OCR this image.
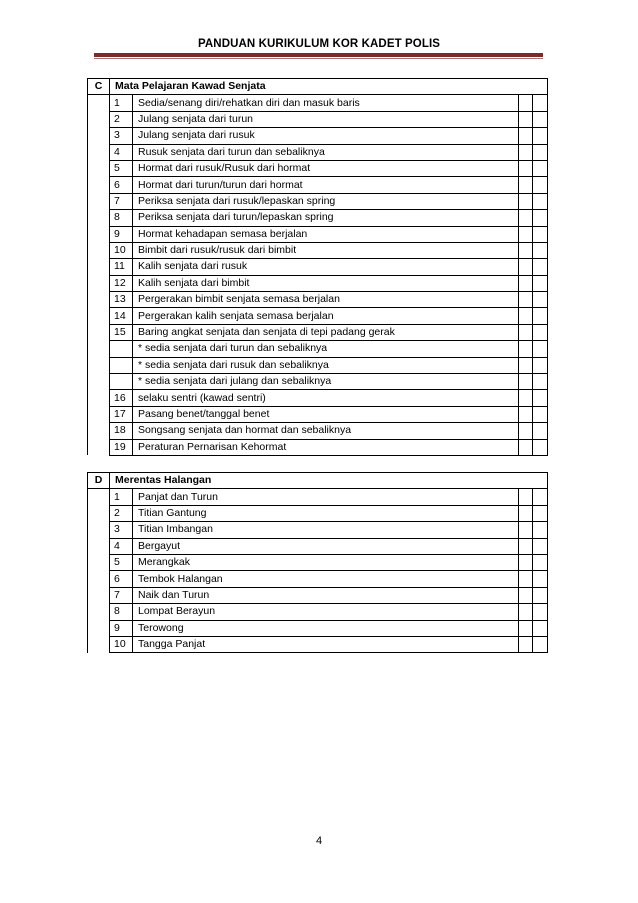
PANDUAN KURIKULUM KOR KADET POLIS
C	Mata Pelajaran Kawad Senjata			
	1	Sedia/senang diri/rehatkan diri dan masuk baris		
	2	Julang senjata dari turun		
	3	Julang senjata dari rusuk		
	4	Rusuk senjata dari turun dan sebaliknya		
	5	Hormat dari rusuk/Rusuk dari hormat		
	6	Hormat dari turun/turun dari hormat		
	7	Periksa senjata dari rusuk/lepaskan spring		
	8	Periksa senjata dari turun/lepaskan spring		
	9	Hormat kehadapan semasa berjalan		
	10	Bimbit dari rusuk/rusuk dari bimbit		
	11	Kalih senjata dari rusuk		
	12	Kalih senjata dari bimbit		
	13	Pergerakan bimbit senjata semasa berjalan		
	14	Pergerakan kalih senjata semasa berjalan		
	15	Baring angkat senjata dan senjata di tepi padang gerak		
		* sedia senjata dari turun dan sebaliknya		
		* sedia senjata dari rusuk dan sebaliknya		
		* sedia senjata dari julang dan sebaliknya		
	16	selaku sentri (kawad sentri)		
	17	Pasang benet/tanggal benet		
	18	Songsang senjata dan hormat dan sebaliknya		
	19	Peraturan Pernarisan Kehormat		
D	Merentas Halangan			
	1	Panjat dan Turun		
	2	Titian Gantung		
	3	Titian Imbangan		
	4	Bergayut		
	5	Merangkak		
	6	Tembok Halangan		
	7	Naik dan Turun		
	8	Lompat Berayun		
	9	Terowong		
	10	Tangga Panjat		
4
